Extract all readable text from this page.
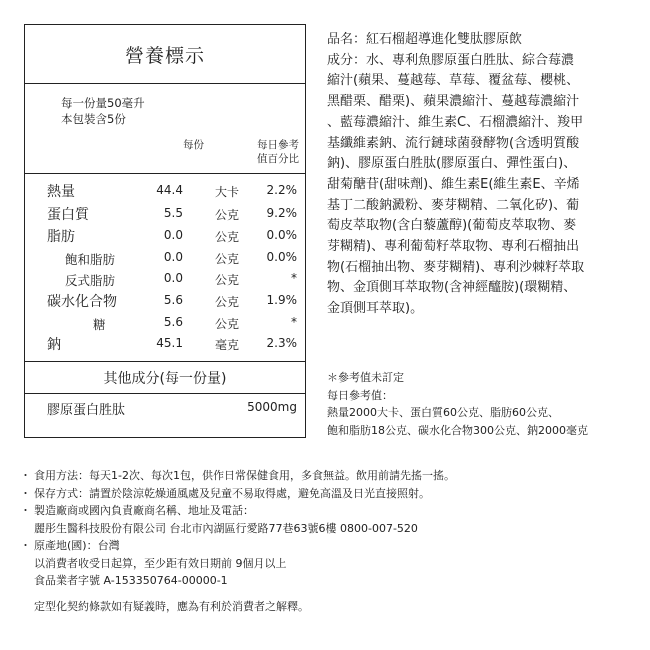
營養標示
每一份量50毫升
本包裝含5份
每份	每日參考
值百分比
熱量	44.4	大卡 2.2%
蛋白質	5.5	公克 9.2%
脂肪	0.0	公克 0.0%
飽和脂肪	0.0	公克 0.0%
反式脂肪	0.0	公克	*
碳水化合物	5.6	公克 1.9%
糖	5.6	公克	*
鈉	45.1	毫克 2.3%
其他成分(每一份量)
膠原蛋白胜肽	5000mg

品名：紅石榴超導進化雙肽膠原飲

成分：水、專利魚膠原蛋白胜肽、綜合莓濃

縮汁(蘋果、蔓越莓、草莓、覆盆莓、櫻桃、

黑醋栗、醋栗)、蘋果濃縮汁、蔓越莓濃縮汁

、藍莓濃縮汁、維生素C、石榴濃縮汁、羧甲

基纖維素鈉、流行鏈球菌發酵物(含透明質酸

鈉)、膠原蛋白胜肽(膠原蛋白、彈性蛋白)、

甜菊醣苷(甜味劑)、維生素E(維生素E、辛烯

基丁二酸鈉澱粉、麥芽糊精、二氧化矽)、葡

萄皮萃取物(含白藜蘆醇)(葡萄皮萃取物、麥

芽糊精)、專利葡萄籽萃取物、專利石榴抽出

物(石榴抽出物、麥芽糊精)、專利沙棘籽萃取

物、金頂側耳萃取物(含神經醯胺)(環糊精、

金頂側耳萃取)。

＊參考值未訂定

每日參考值：

熱量2000大卡、蛋白質60公克、脂肪60公克、

飽和脂肪18公克、碳水化合物300公克、鈉2000毫克

・ 食用方法：每天1-2次、每次1包，供作日常保健食用，多食無益。飲用前請先搖一搖。

・ 保存方式：請置於陰涼乾燥通風處及兒童不易取得處，避免高溫及日光直接照射。

・ 製造廠商或國內負責廠商名稱、地址及電話：

麗彤生醫科技股份有限公司 台北市內湖區行愛路77巷63號6樓 0800-007-520

・ 原產地(國)：台灣

以消費者收受日起算，至少距有效日期前 9個月以上

食品業者字號 A-153350764-00000-1

定型化契約條款如有疑義時，應為有利於消費者之解釋。
